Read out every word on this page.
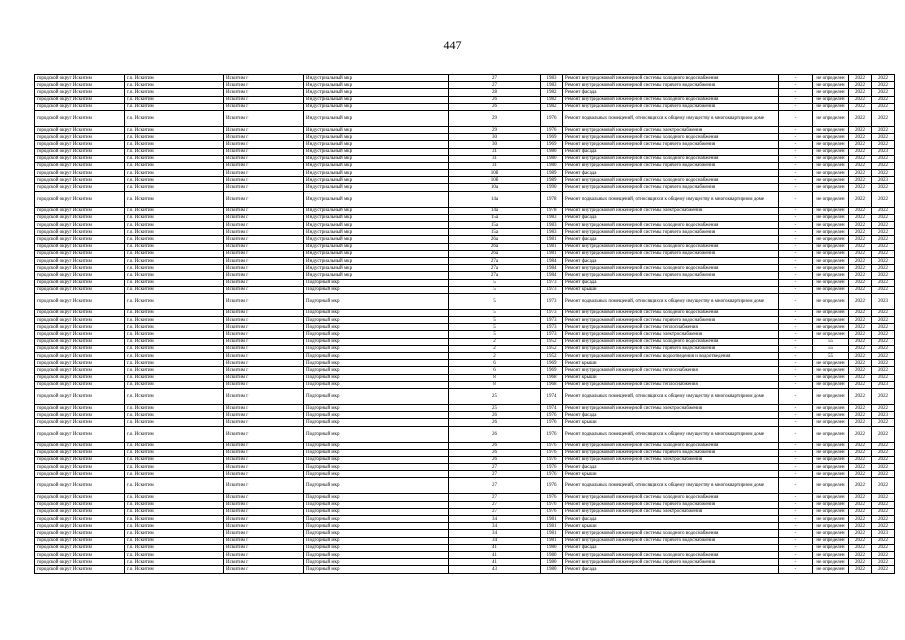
447
городской округ Искитим	г.о. Искитим	Искитим г	Индустриальный мкр	27	1983	Ремонт внутридомовой инженерной системы холодного водоснабжения	-	не определен	2022	2022
городской округ Искитим	г.о. Искитим	Искитим г	Индустриальный мкр	27	1983	Ремонт внутридомовой инженерной системы горячего водоснабжения	-	не определен	2022	2022
городской округ Искитим	г.о. Искитим	Искитим г	Индустриальный мкр	28	1982	Ремонт фасада	-	не определен	2022	2022
городской округ Искитим	г.о. Искитим	Искитим г	Индустриальный мкр	26	1982	Ремонт внутридомовой инженерной системы холодного водоснабжения	-	не определен	2022	2022
городской округ Искитим	г.о. Искитим	Искитим г	Индустриальный мкр	26	1982	Ремонт внутридомовой инженерной системы горячего водоснабжения	-	не определен	2022	2022
городской округ Искитим	г.о. Искитим	Искитим г	Индустриальный мкр	29	1976	Ремонт подвальных помещений, относящихся к общему имуществу в многоквартирном доме	-	не определен	2022	2022
городской округ Искитим	г.о. Искитим	Искитим г	Индустриальный мкр	29	1976	Ремонт внутридомовой инженерной системы электроснабжения	-	не определен	2022	2022
городской округ Искитим	г.о. Искитим	Искитим г	Индустриальный мкр	30	1969	Ремонт внутридомовой инженерной системы холодного водоснабжения	-	не определен	2022	2022
городской округ Искитим	г.о. Искитим	Искитим г	Индустриальный мкр	30	1969	Ремонт внутридомовой инженерной системы горячего водоснабжения	-	не определен	2022	2022
городской округ Искитим	г.о. Искитим	Искитим г	Индустриальный мкр	31	1980	Ремонт фасада	-	не определен	2022	2023
городской округ Искитим	г.о. Искитим	Искитим г	Индустриальный мкр	31	1980	Ремонт внутридомовой инженерной системы холодного водоснабжения	-	не определен	2022	2022
городской округ Искитим	г.о. Искитим	Искитим г	Индустриальный мкр	31	1980	Ремонт внутридомовой инженерной системы горячего водоснабжения	-	не определен	2022	2022
городской округ Искитим	г.о. Искитим	Искитим г	Индустриальный мкр	10б	1989	Ремонт фасада	-	не определен	2022	2022
городской округ Искитим	г.о. Искитим	Искитим г	Индустриальный мкр	10б	1989	Ремонт внутридомовой инженерной системы холодного водоснабжения	-	не определен	2022	2023
городской округ Искитим	г.о. Искитим	Искитим г	Индустриальный мкр	10а	1990	Ремонт внутридомовой инженерной системы горячего водоснабжения	-	не определен	2022	2022
городской округ Искитим	г.о. Искитим	Искитим г	Индустриальный мкр	14а	1978	Ремонт подвальных помещений, относящихся к общему имуществу в многоквартирном доме	-	не определен	2022	2022
городской округ Искитим	г.о. Искитим	Искитим г	Индустриальный мкр	14а	1978	Ремонт внутридомовой инженерной системы электроснабжения	-	не определен	2022	2022
городской округ Искитим	г.о. Искитим	Искитим г	Индустриальный мкр	15а	1983	Ремонт фасада	-	не определен	2022	2022
городской округ Искитим	г.о. Искитим	Искитим г	Индустриальный мкр	15а	1983	Ремонт внутридомовой инженерной системы холодного водоснабжения	-	не определен	2022	2022
городской округ Искитим	г.о. Искитим	Искитим г	Индустриальный мкр	15а	1983	Ремонт внутридомовой инженерной системы горячего водоснабжения	-	не определен	2022	2022
городской округ Искитим	г.о. Искитим	Искитим г	Индустриальный мкр	26а	1981	Ремонт фасада	-	не определен	2022	2022
городской округ Искитим	г.о. Искитим	Искитим г	Индустриальный мкр	26а	1981	Ремонт внутридомовой инженерной системы холодного водоснабжения	-	не определен	2022	2022
городской округ Искитим	г.о. Искитим	Искитим г	Индустриальный мкр	26а	1981	Ремонт внутридомовой инженерной системы горячего водоснабжения	-	не определен	2022	2022
городской округ Искитим	г.о. Искитим	Искитим г	Индустриальный мкр	27а	1984	Ремонт фасада	-	не определен	2022	2022
городской округ Искитим	г.о. Искитим	Искитим г	Индустриальный мкр	27а	1984	Ремонт внутридомовой инженерной системы холодного водоснабжения	-	не определен	2022	2022
городской округ Искитим	г.о. Искитим	Искитим г	Индустриальный мкр	27а	1984	Ремонт внутридомовой инженерной системы горячего водоснабжения	-	не определен	2022	2022
городской округ Искитим	г.о. Искитим	Искитим г	Подгорный мкр	5	1973	Ремонт фасада	-	не определен	2022	2022
городской округ Искитим	г.о. Искитим	Искитим г	Подгорный мкр	5	1973	Ремонт крыши	-	не определен	2022	2022
городской округ Искитим	г.о. Искитим	Искитим г	Подгорный мкр	5	1973	Ремонт подвальных помещений, относящихся к общему имуществу в многоквартирном доме	-	не определен	2022	2023
городской округ Искитим	г.о. Искитим	Искитим г	Подгорный мкр	5	1973	Ремонт внутридомовой инженерной системы холодного водоснабжения	-	не определен	2022	2022
городской округ Искитим	г.о. Искитим	Искитим г	Подгорный мкр	5	1973	Ремонт внутридомовой инженерной системы горячего водоснабжения	-	не определен	2022	2022
городской округ Искитим	г.о. Искитим	Искитим г	Подгорный мкр	5	1973	Ремонт внутридомовой инженерной системы теплоснабжения	-	не определен	2022	2022
городской округ Искитим	г.о. Искитим	Искитим г	Подгорный мкр	5	1973	Ремонт внутридомовой инженерной системы электроснабжения	-	не определен	2022	2022
городской округ Искитим	г.о. Искитим	Искитим г	Подгорный мкр	2	1952	Ремонт внутридомовой инженерной системы холодного водоснабжения	-	55	2022	2022
городской округ Искитим	г.о. Искитим	Искитим г	Подгорный мкр	2	1952	Ремонт внутридомовой инженерной системы горячего водоснабжения	-	55	2022	2022
городской округ Искитим	г.о. Искитим	Искитим г	Подгорный мкр	2	1952	Ремонт внутридомовой инженерной системы водоотведения и водоотведения	-	55	2022	2022
городской округ Искитим	г.о. Искитим	Искитим г	Подгорный мкр	6	1969	Ремонт крыши	-	не определен	2022	2022
городской округ Искитим	г.о. Искитим	Искитим г	Подгорный мкр	6	1969	Ремонт внутридомовой инженерной системы теплоснабжения	-	не определен	2022	2022
городской округ Искитим	г.о. Искитим	Искитим г	Подгорный мкр	8	1968	Ремонт крыши	-	не определен	2022	2022
городской округ Искитим	г.о. Искитим	Искитим г	Подгорный мкр	8	1968	Ремонт внутридомовой инженерной системы теплоснабжения	-	не определен	2022	2023
городской округ Искитим	г.о. Искитим	Искитим г	Подгорный мкр	25	1974	Ремонт подвальных помещений, относящихся к общему имуществу в многоквартирном доме	-	не определен	2022	2022
городской округ Искитим	г.о. Искитим	Искитим г	Подгорный мкр	25	1974	Ремонт внутридомовой инженерной системы электроснабжения	-	не определен	2022	2022
городской округ Искитим	г.о. Искитим	Искитим г	Подгорный мкр	26	1976	Ремонт фасада	-	не определен	2022	2023
городской округ Искитим	г.о. Искитим	Искитим г	Подгорный мкр	26	1976	Ремонт крыши	-	не определен	2022	2022
городской округ Искитим	г.о. Искитим	Искитим г	Подгорный мкр	26	1976	Ремонт подвальных помещений, относящихся к общему имуществу в многоквартирном доме	-	не определен	2022	2022
городской округ Искитим	г.о. Искитим	Искитим г	Подгорный мкр	26	1976	Ремонт внутридомовой инженерной системы холодного водоснабжения	-	не определен	2022	2022
городской округ Искитим	г.о. Искитим	Искитим г	Подгорный мкр	26	1976	Ремонт внутридомовой инженерной системы горячего водоснабжения	-	не определен	2022	2022
городской округ Искитим	г.о. Искитим	Искитим г	Подгорный мкр	26	1976	Ремонт внутридомовой инженерной системы электроснабжения	-	не определен	2022	2022
городской округ Искитим	г.о. Искитим	Искитим г	Подгорный мкр	27	1976	Ремонт фасада	-	не определен	2022	2022
городской округ Искитим	г.о. Искитим	Искитим г	Подгорный мкр	27	1976	Ремонт крыши	-	не определен	2022	2022
городской округ Искитим	г.о. Искитим	Искитим г	Подгорный мкр	27	1976	Ремонт подвальных помещений, относящихся к общему имуществу в многоквартирном доме	-	не определен	2022	2022
городской округ Искитим	г.о. Искитим	Искитим г	Подгорный мкр	27	1976	Ремонт внутридомовой инженерной системы холодного водоснабжения	-	не определен	2022	2022
городской округ Искитим	г.о. Искитим	Искитим г	Подгорный мкр	27	1976	Ремонт внутридомовой инженерной системы горячего водоснабжения	-	не определен	2022	2022
городской округ Искитим	г.о. Искитим	Искитим г	Подгорный мкр	27	1976	Ремонт внутридомовой инженерной системы электроснабжения	-	не определен	2022	2022
городской округ Искитим	г.о. Искитим	Искитим г	Подгорный мкр	34	1981	Ремонт фасада	-	не определен	2022	2022
городской округ Искитим	г.о. Искитим	Искитим г	Подгорный мкр	34	1981	Ремонт крыши	-	не определен	2022	2022
городской округ Искитим	г.о. Искитим	Искитим г	Подгорный мкр	34	1981	Ремонт внутридомовой инженерной системы холодного водоснабжения	-	не определен	2022	2023
городской округ Искитим	г.о. Искитим	Искитим г	Подгорный мкр	34	1981	Ремонт внутридомовой инженерной системы горячего водоснабжения	-	не определен	2022	2022
городской округ Искитим	г.о. Искитим	Искитим г	Подгорный мкр	41	1980	Ремонт фасада	-	не определен	2022	2022
городской округ Искитим	г.о. Искитим	Искитим г	Подгорный мкр	41	1980	Ремонт внутридомовой инженерной системы холодного водоснабжения	-	не определен	2022	2022
городской округ Искитим	г.о. Искитим	Искитим г	Подгорный мкр	41	1980	Ремонт внутридомовой инженерной системы горячего водоснабжения	-	не определен	2022	2022
городской округ Искитим	г.о. Искитим	Искитим г	Подгорный мкр	43	1980	Ремонт фасада	-	не определен	2022	2022
